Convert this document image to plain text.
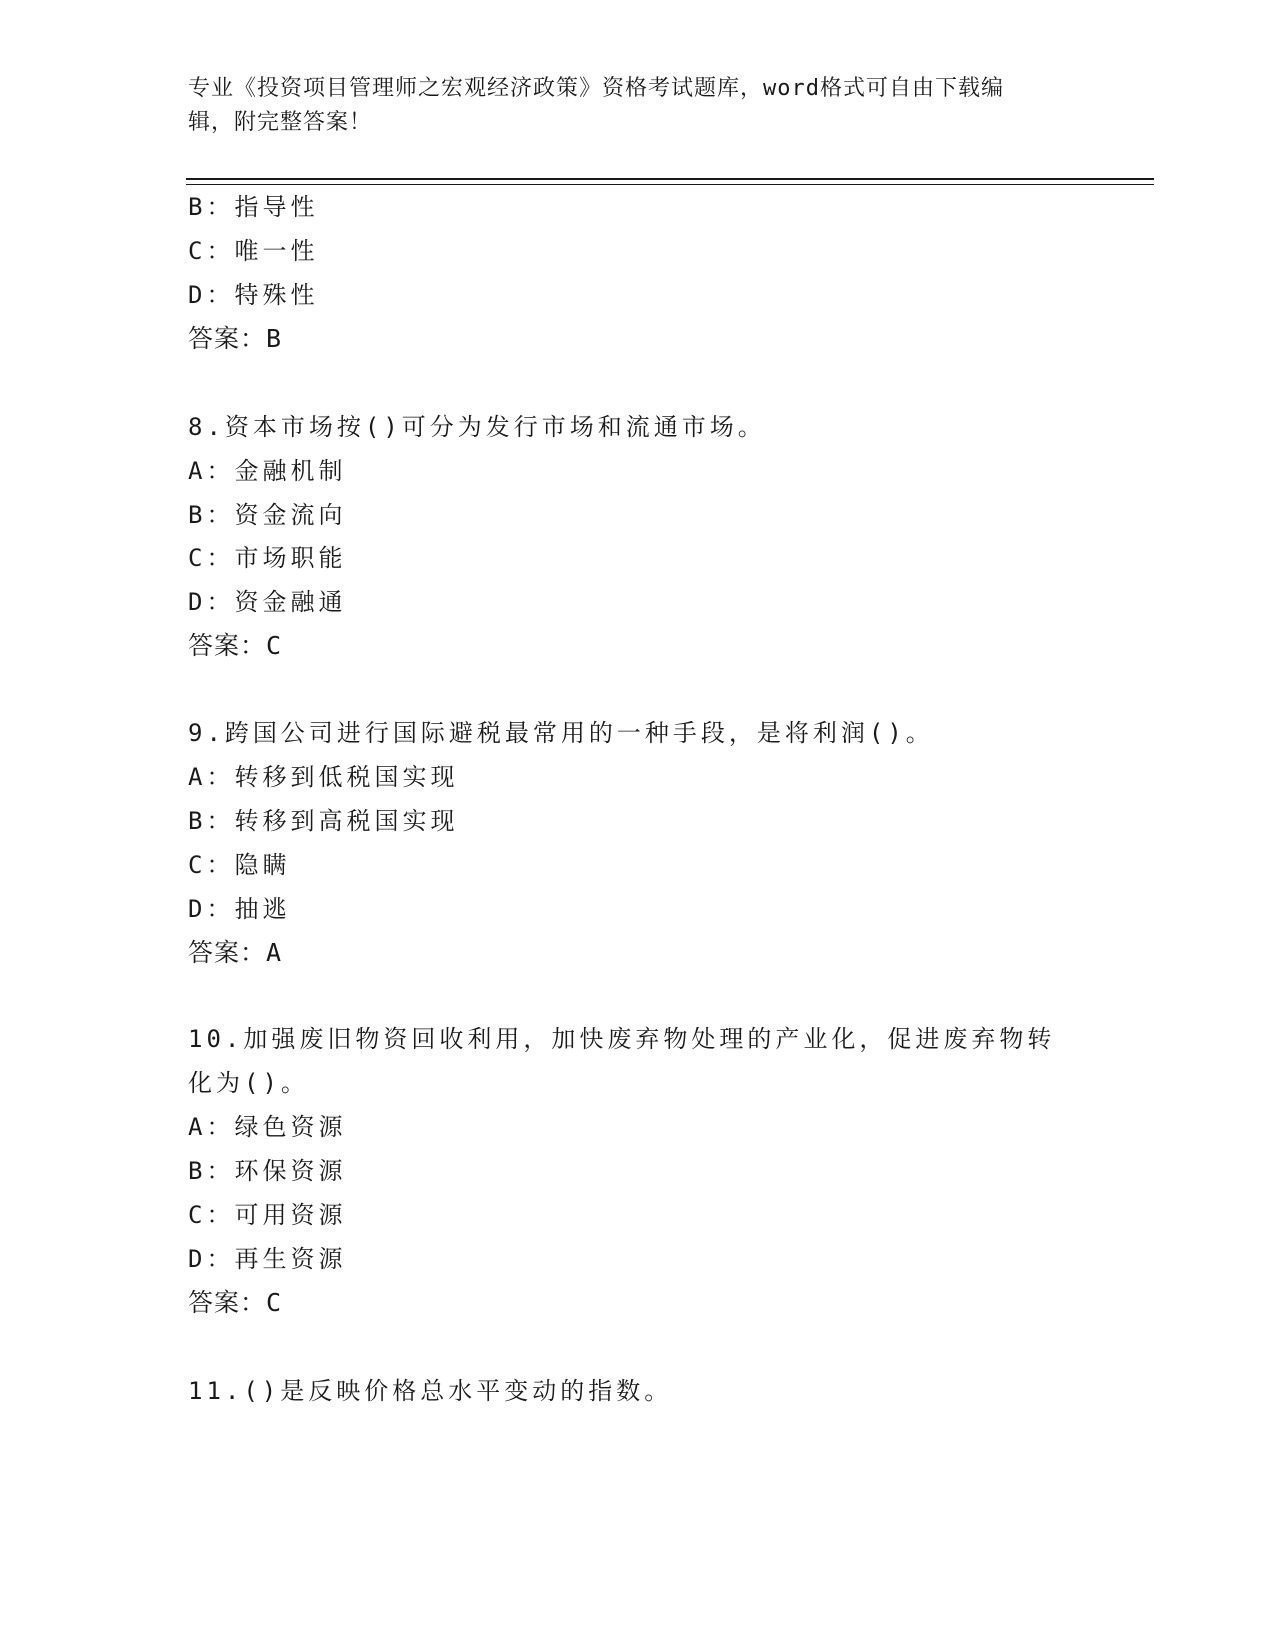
专业《投资项目管理师之宏观经济政策》资格考试题库，word格式可自由下载编
辑，附完整答案！
B：指导性
C：唯一性
D：特殊性
答案：B
8.资本市场按()可分为发行市场和流通市场。
A：金融机制
B：资金流向
C：市场职能
D：资金融通
答案：C
9.跨国公司进行国际避税最常用的一种手段，是将利润()。
A：转移到低税国实现
B：转移到高税国实现
C：隐瞒
D：抽逃
答案：A
10.加强废旧物资回收利用，加快废弃物处理的产业化，促进废弃物转
化为()。
A：绿色资源
B：环保资源
C：可用资源
D：再生资源
答案：C
11.()是反映价格总水平变动的指数。
